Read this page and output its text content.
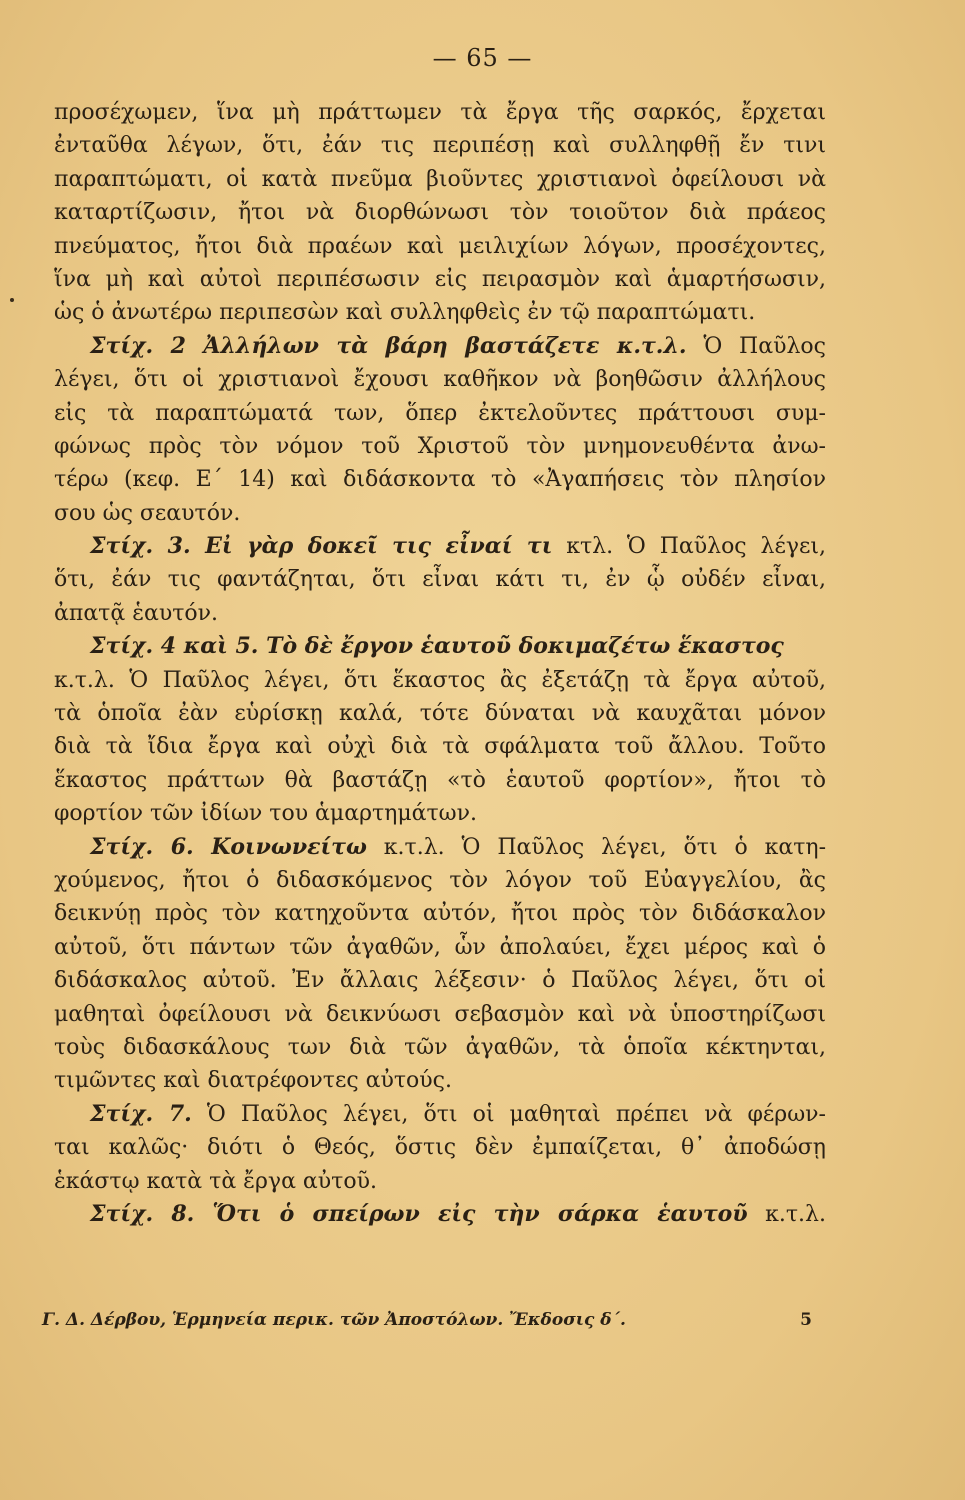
— 65 —
προσέχωμεν, ἵνα μὴ πράττωμεν τὰ ἔργα τῆς σαρκός, ἔρχεται
ἐνταῦθα λέγων, ὅτι, ἐάν τις περιπέσῃ καὶ συλληφθῇ ἔν τινι
παραπτώματι, οἱ κατὰ πνεῦμα βιοῦντες χριστιανοὶ ὀφείλουσι νὰ
καταρτίζωσιν, ἤτοι νὰ διορθώνωσι τὸν τοιοῦτον διὰ πράεος
πνεύματος, ἤτοι διὰ πραέων καὶ μειλιχίων λόγων, προσέχοντες,
ἵνα μὴ καὶ αὐτοὶ περιπέσωσιν εἰς πειρασμὸν καὶ ἁμαρτήσωσιν,
ὡς ὁ ἀνωτέρω περιπεσὼν καὶ συλληφθεὶς ἐν τῷ παραπτώματι.
Στίχ. 2 Ἀλλήλων τὰ βάρη βαστάζετε κ.τ.λ. Ὁ Παῦλος
λέγει, ὅτι οἱ χριστιανοὶ ἔχουσι καθῆκον νὰ βοηθῶσιν ἀλλήλους
εἰς τὰ παραπτώματά των, ὅπερ ἐκτελοῦντες πράττουσι συμ-
φώνως πρὸς τὸν νόμον τοῦ Χριστοῦ τὸν μνημονευθέντα ἀνω-
τέρω (κεφ. Ε΄ 14) καὶ διδάσκοντα τὸ «Ἀγαπήσεις τὸν πλησίον
σου ὡς σεαυτόν.
Στίχ. 3. Εἰ γὰρ δοκεῖ τις εἶναί τι κτλ. Ὁ Παῦλος λέγει,
ὅτι, ἐάν τις φαντάζηται, ὅτι εἶναι κάτι τι, ἐν ᾧ οὐδέν εἶναι,
ἀπατᾷ ἑαυτόν.
Στίχ. 4 καὶ 5. Τὸ δὲ ἔργον ἑαυτοῦ δοκιμαζέτω ἕκαστος
κ.τ.λ. Ὁ Παῦλος λέγει, ὅτι ἕκαστος ἂς ἐξετάζῃ τὰ ἔργα αὐτοῦ,
τὰ ὁποῖα ἐὰν εὑρίσκῃ καλά, τότε δύναται νὰ καυχᾶται μόνον
διὰ τὰ ἴδια ἔργα καὶ οὐχὶ διὰ τὰ σφάλματα τοῦ ἄλλου. Τοῦτο
ἕκαστος πράττων θὰ βαστάζῃ «τὸ ἑαυτοῦ φορτίον», ἤτοι τὸ
φορτίον τῶν ἰδίων του ἁμαρτημάτων.
Στίχ. 6. Κοινωνείτω κ.τ.λ. Ὁ Παῦλος λέγει, ὅτι ὁ κατη-
χούμενος, ἤτοι ὁ διδασκόμενος τὸν λόγον τοῦ Εὐαγγελίου, ἂς
δεικνύῃ πρὸς τὸν κατηχοῦντα αὐτόν, ἤτοι πρὸς τὸν διδάσκαλον
αὐτοῦ, ὅτι πάντων τῶν ἀγαθῶν, ὧν ἀπολαύει, ἔχει μέρος καὶ ὁ
διδάσκαλος αὐτοῦ. Ἐν ἄλλαις λέξεσιν· ὁ Παῦλος λέγει, ὅτι οἱ
μαθηταὶ ὀφείλουσι νὰ δεικνύωσι σεβασμὸν καὶ νὰ ὑποστηρίζωσι
τοὺς διδασκάλους των διὰ τῶν ἀγαθῶν, τὰ ὁποῖα κέκτηνται,
τιμῶντες καὶ διατρέφοντες αὐτούς.
Στίχ. 7. Ὁ Παῦλος λέγει, ὅτι οἱ μαθηταὶ πρέπει νὰ φέρων-
ται καλῶς· διότι ὁ Θεός, ὅστις δὲν ἐμπαίζεται, θ᾽ ἀποδώσῃ
ἑκάστῳ κατὰ τὰ ἔργα αὐτοῦ.
Στίχ. 8. Ὅτι ὁ σπείρων εἰς τὴν σάρκα ἑαυτοῦ κ.τ.λ.
Γ. Δ. Δέρβου, Ἑρμηνεία περικ. τῶν Ἀποστόλων. Ἔκδοσις δ΄.	5
